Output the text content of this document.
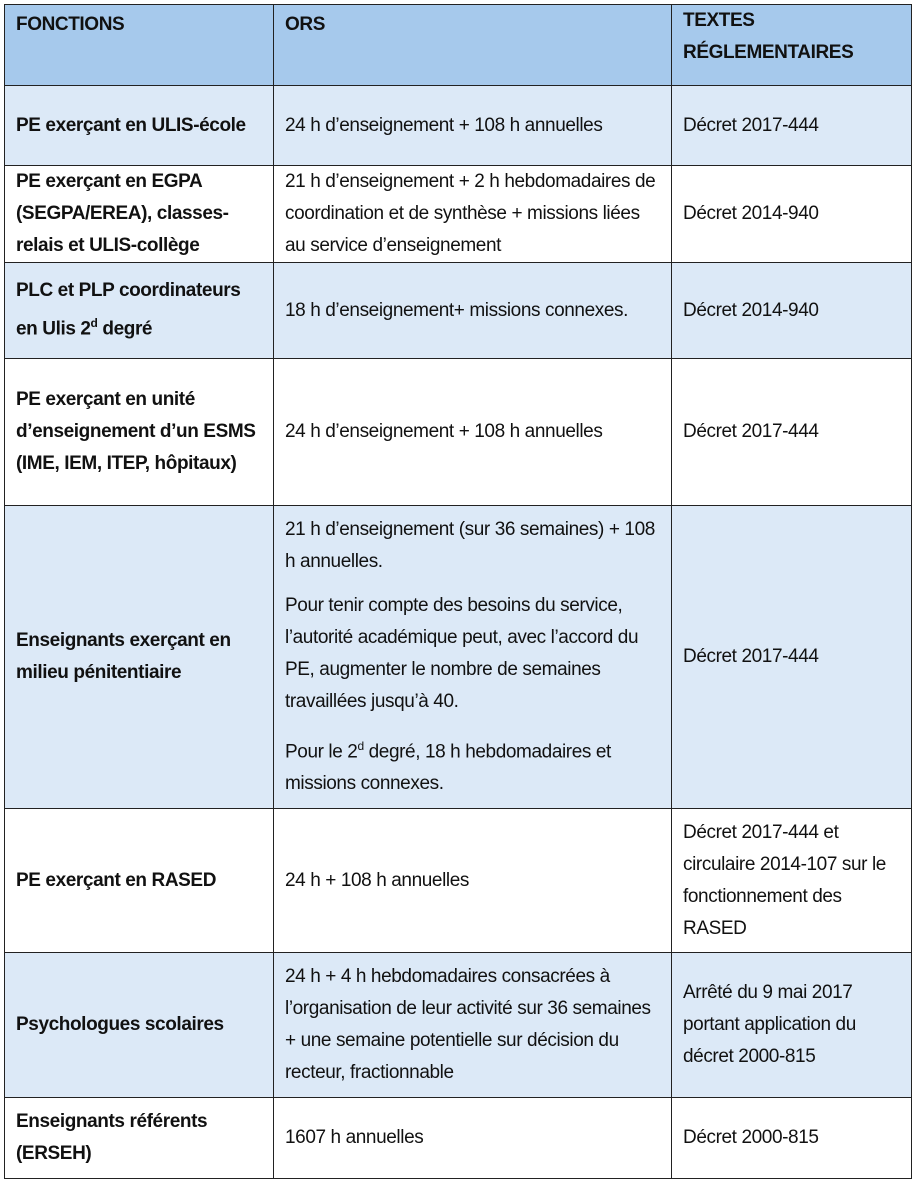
FONCTIONS	ORS	TEXTES RÉGLEMENTAIRES
PE exerçant en ULIS-école	24 h d’enseignement + 108 h annuelles	Décret 2017-444
PE exerçant en EGPA (SEGPA/EREA), classes-relais et ULIS-collège	21 h d’enseignement + 2 h hebdomadaires de coordination et de synthèse + missions liées au service d’enseignement	Décret 2014-940
PLC et PLP coordinateurs en Ulis 2$^d$ degré	18 h d’enseignement+ missions connexes.	Décret 2014-940
PE exerçant en unité d’enseignement d’un ESMS (IME, IEM, ITEP, hôpitaux)	24 h d’enseignement + 108 h annuelles	Décret 2017-444
Enseignants exerçant en milieu pénitentiaire	21 h d’enseignement (sur 36 semaines) + 108 h annuelles.

Pour tenir compte des besoins du service, l’autorité académique peut, avec l’accord du PE, augmenter le nombre de semaines travaillées jusqu’à 40.

Pour le 2$^d$ degré, 18 h hebdomadaires et missions connexes.	Décret 2017-444
PE exerçant en RASED	24 h + 108 h annuelles	Décret 2017-444 et circulaire 2014-107 sur le fonctionnement des RASED
Psychologues scolaires	24 h + 4 h hebdomadaires consacrées à l’organisation de leur activité sur 36 semaines + une semaine potentielle sur décision du recteur, fractionnable	Arrêté du 9 mai 2017 portant application du décret 2000-815
Enseignants référents (ERSEH)	1607 h annuelles	Décret 2000-815
